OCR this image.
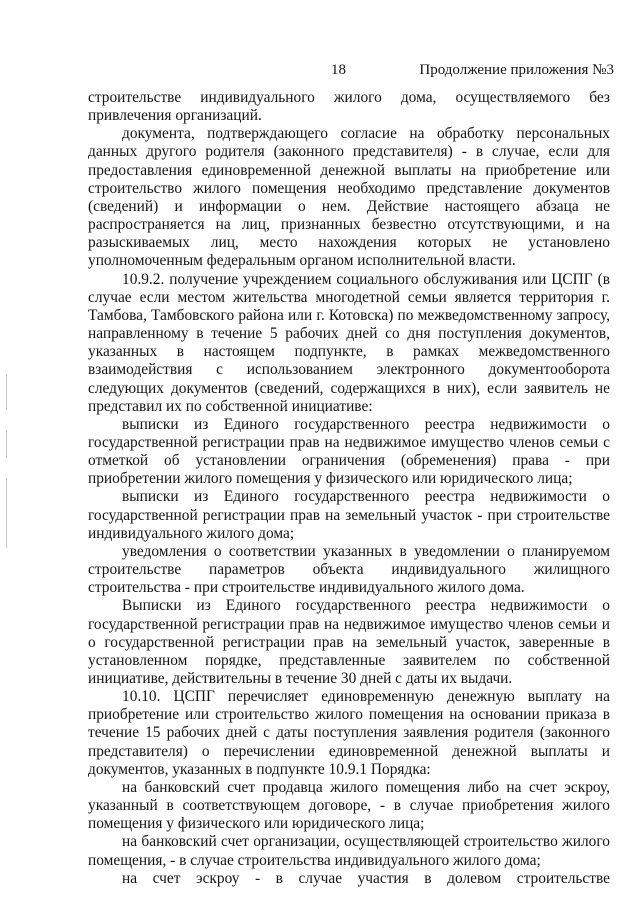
18	Продолжение приложения №3

строительстве индивидуального жилого дома, осуществляемого без привлечения организаций.

документа, подтверждающего согласие на обработку персональных данных другого родителя (законного представителя) - в случае, если для предоставления единовременной денежной выплаты на приобретение или строительство жилого помещения необходимо представление документов (сведений) и информации о нем. Действие настоящего абзаца не распространяется на лиц, признанных безвестно отсутствующими, и на разыскиваемых лиц, место нахождения которых не установлено уполномоченным федеральным органом исполнительной власти.

10.9.2. получение учреждением социального обслуживания или ЦСПГ (в случае если местом жительства многодетной семьи является территория г. Тамбова, Тамбовского района или г. Котовска) по межведомственному запросу, направленному в течение 5 рабочих дней со дня поступления документов, указанных в настоящем подпункте, в рамках межведомственного взаимодействия с использованием электронного документооборота следующих документов (сведений, содержащихся в них), если заявитель не представил их по собственной инициативе:

выписки из Единого государственного реестра недвижимости о государственной регистрации прав на недвижимое имущество членов семьи с отметкой об установлении ограничения (обременения) права - при приобретении жилого помещения у физического или юридического лица;

выписки из Единого государственного реестра недвижимости о государственной регистрации прав на земельный участок - при строительстве индивидуального жилого дома;

уведомления о соответствии указанных в уведомлении о планируемом строительстве параметров объекта индивидуального жилищного строительства - при строительстве индивидуального жилого дома.

Выписки из Единого государственного реестра недвижимости о государственной регистрации прав на недвижимое имущество членов семьи и о государственной регистрации прав на земельный участок, заверенные в установленном порядке, представленные заявителем по собственной инициативе, действительны в течение 30 дней с даты их выдачи.

10.10. ЦСПГ перечисляет единовременную денежную выплату на приобретение или строительство жилого помещения на основании приказа в течение 15 рабочих дней с даты поступления заявления родителя (законного представителя) о перечислении единовременной денежной выплаты и документов, указанных в подпункте 10.9.1 Порядка:

на банковский счет продавца жилого помещения либо на счет эскроу, указанный в соответствующем договоре, - в случае приобретения жилого помещения у физического или юридического лица;

на банковский счет организации, осуществляющей строительство жилого помещения, - в случае строительства индивидуального жилого дома;

на счет эскроу - в случае участия в долевом строительстве
